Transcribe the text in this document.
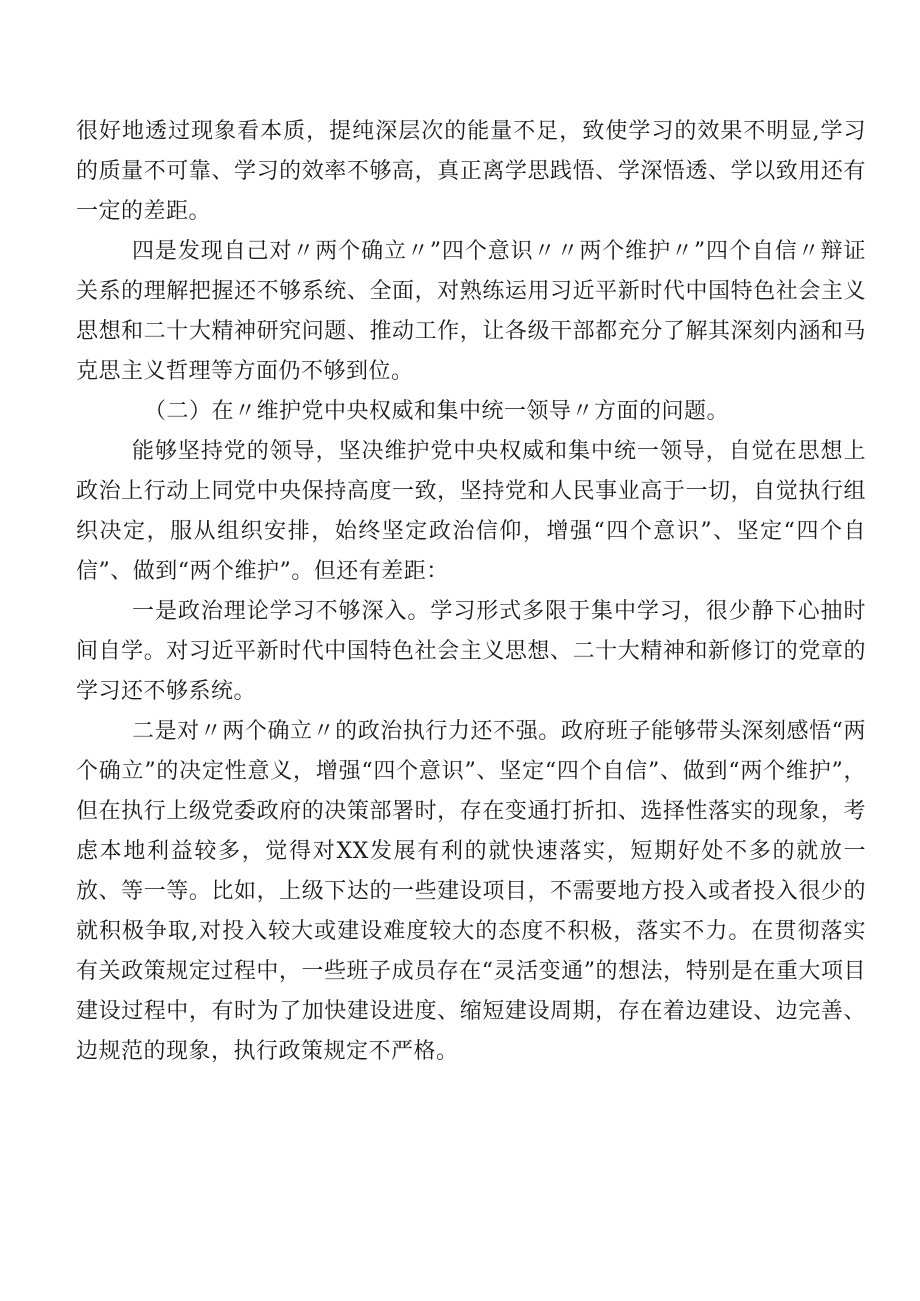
很好地透过现象看本质，提纯深层次的能量不足，致使学习的效果不明显,学习的质量不可靠、学习的效率不够高，真正离学思践悟、学深悟透、学以致用还有一定的差距。

四是发现自己对〃两个确立〃”四个意识〃〃两个维护〃”四个自信〃辩证关系的理解把握还不够系统、全面，对熟练运用习近平新时代中国特色社会主义思想和二十大精神研究问题、推动工作，让各级干部都充分了解其深刻内涵和马克思主义哲理等方面仍不够到位。

（二）在〃维护党中央权威和集中统一领导〃方面的问题。

能够坚持党的领导，坚决维护党中央权威和集中统一领导，自觉在思想上政治上行动上同党中央保持高度一致，坚持党和人民事业高于一切，自觉执行组织决定，服从组织安排，始终坚定政治信仰，增强“四个意识”、坚定“四个自信”、做到“两个维护”。但还有差距：

一是政治理论学习不够深入。学习形式多限于集中学习，很少静下心抽时间自学。对习近平新时代中国特色社会主义思想、二十大精神和新修订的党章的学习还不够系统。

二是对〃两个确立〃的政治执行力还不强。政府班子能够带头深刻感悟“两个确立”的决定性意义，增强“四个意识”、坚定“四个自信”、做到“两个维护”，但在执行上级党委政府的决策部署时，存在变通打折扣、选择性落实的现象，考虑本地利益较多，觉得对XX发展有利的就快速落实，短期好处不多的就放一放、等一等。比如，上级下达的一些建设项目，不需要地方投入或者投入很少的就积极争取,对投入较大或建设难度较大的态度不积极，落实不力。在贯彻落实有关政策规定过程中，一些班子成员存在“灵活变通”的想法，特别是在重大项目建设过程中，有时为了加快建设进度、缩短建设周期，存在着边建设、边完善、边规范的现象，执行政策规定不严格。
